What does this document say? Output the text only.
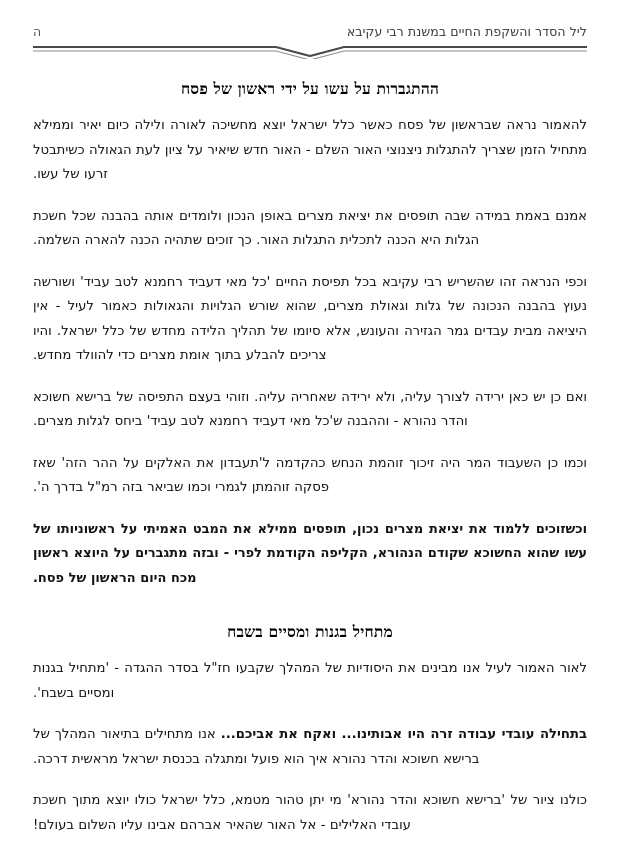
ליל הסדר והשקפת החיים במשנת רבי עקיבא
ה
ההתגברות על עשו על ידי ראשון של פסח

להאמור נראה שבראשון של פסח כאשר כלל ישראל יוצא מחשיכה לאורה ולילה כיום יאיר וממילא מתחיל הזמן שצריך להתגלות ניצנוצי האור השלם - האור חדש שיאיר על ציון לעת הגאולה כשיתבטל זרעו של עשו.

אמנם באמת במידה שבה תופסים את יציאת מצרים באופן הנכון ולומדים אותה בהבנה שכל חשכת הגלות היא הכנה לתכלית התגלות האור. כך זוכים שתהיה הכנה להארה השלמה.

וכפי הנראה זהו שהשריש רבי עקיבא בכל תפיסת החיים 'כל מאי דעביד רחמנא לטב עביד' ושורשה נעוץ בהבנה הנכונה של גלות וגאולת מצרים, שהוא שורש הגלויות והגאולות כאמור לעיל - אין היציאה מבית עבדים גמר הגזירה והעונש, אלא סיומו של תהליך הלידה מחדש של כלל ישראל. והיו צריכים להבלע בתוך אומת מצרים כדי להוולד מחדש.

ואם כן יש כאן ירידה לצורך עליה, ולא ירידה שאחריה עליה. וזוהי בעצם התפיסה של ברישא חשוכא והדר נהורא - וההבנה ש'כל מאי דעביד רחמנא לטב עביד' ביחס לגלות מצרים.

וכמו כן השעבוד המר היה זיכוך זוהמת הנחש כהקדמה ל'תעבדון את האלקים על ההר הזה' שאז פסקה זוהמתן לגמרי וכמו שביאר בזה רמ"ל בדרך ה'.

וכשזוכים ללמוד את יציאת מצרים נכון, תופסים ממילא את המבט האמיתי על ראשוניותו של עשו שהוא החשוכא שקודם הנהורא, הקליפה הקודמת לפרי - ובזה מתגברים על היוצא ראשון מכח היום הראשון של פסח.

מתחיל בגנות ומסיים בשבח

לאור האמור לעיל אנו מבינים את היסודיות של המהלך שקבעו חז"ל בסדר ההגדה - 'מתחיל בגנות ומסיים בשבח'.

בתחילה עובדי עבודה זרה היו אבותינו... ואקח את אביכם... אנו מתחילים בתיאור המהלך של ברישא חשוכא והדר נהורא איך הוא פועל ומתגלה בכנסת ישראל מראשית דרכה.

כולנו ציור של 'ברישא חשוכא והדר נהורא' מי יתן טהור מטמא, כלל ישראל כולו יוצא מתוך חשכת עובדי האלילים - אל האור שהאיר אברהם אבינו עליו השלום בעולם!
